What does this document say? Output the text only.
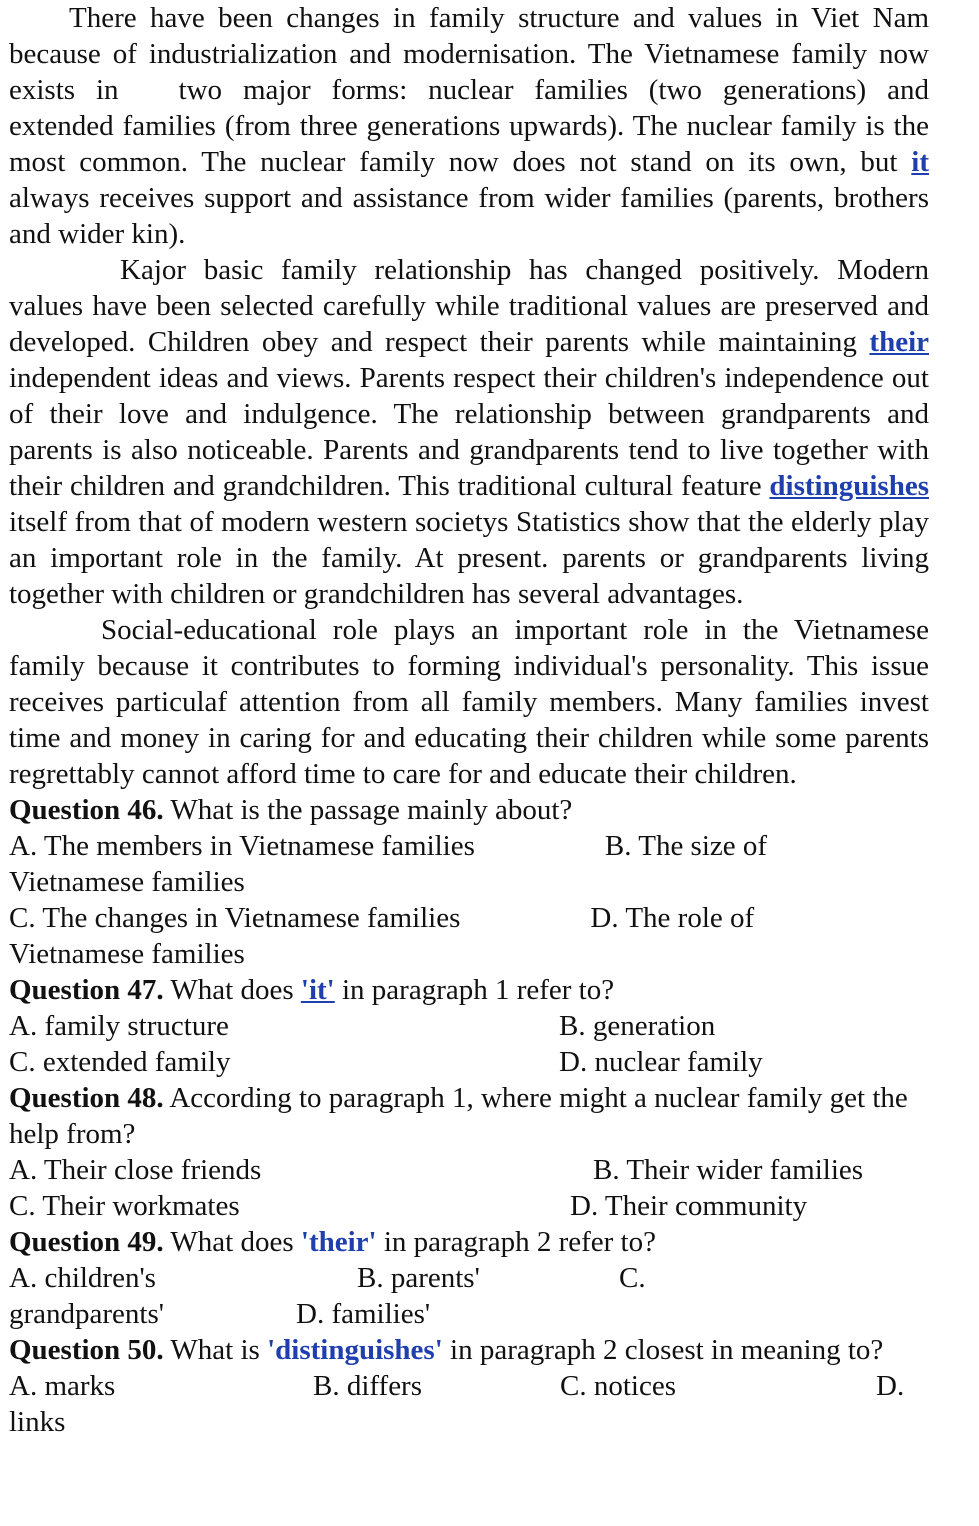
There have been changes in family structure and values in Viet Nam because of industrialization and modernisation. The Vietnamese family now exists in two major forms: nuclear families (two generations) and extended families (from three generations upwards). The nuclear family is the most common. The nuclear family now does not stand on its own, but it always receives support and assistance from wider families (parents, brothers and wider kin).

Kajor basic family relationship has changed positively. Modern values have been selected carefully while traditional values are preserved and developed. Children obey and respect their parents while maintaining their independent ideas and views. Parents respect their children's independence out of their love and indulgence. The relationship between grandparents and parents is also noticeable. Parents and grandparents tend to live together with their children and grandchildren. This traditional cultural feature distinguishes itself from that of modern western societys Statistics show that the elderly play an important role in the family. At present. parents or grandparents living together with children or grandchildren has several advantages.

Social-educational role plays an important role in the Vietnamese family because it contributes to forming individual's personality. This issue receives particulaf attention from all family members. Many families invest time and money in caring for and educating their children while some parents regrettably cannot afford time to care for and educate their children.

Question 46. What is the passage mainly about?

A. The members in Vietnamese families	B. The size of

Vietnamese families

C. The changes in Vietnamese families	D. The role of

Vietnamese families

Question 47. What does 'it' in paragraph 1 refer to?

A. family structure	B. generation

C. extended family	D. nuclear family

Question 48. According to paragraph 1, where might a nuclear family get the help from?

A. Their close friends	B. Their wider families

C. Their workmates	D. Their community

Question 49. What does 'their' in paragraph 2 refer to?

A. children's	B. parents'	C.

grandparents'	D. families'

Question 50. What is 'distinguishes' in paragraph 2 closest in meaning to?

A. marks	B. differs	C. notices	D.

links
